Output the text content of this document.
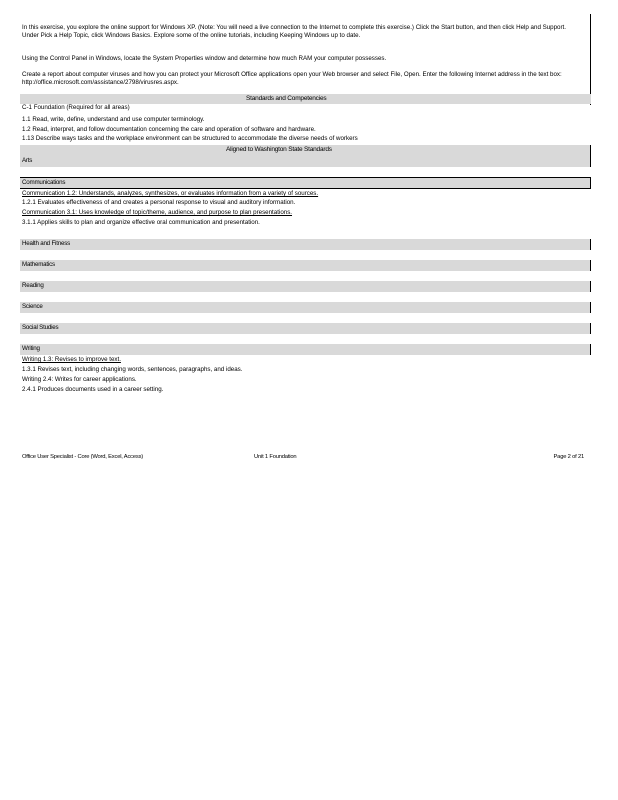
In this exercise, you explore the online support for Windows XP. (Note: You will need a live connection to the Internet to complete this exercise.) Click the Start button, and then click Help and Support. Under Pick a Help Topic, click Windows Basics. Explore some of the online tutorials, including Keeping Windows up to date.
Using the Control Panel in Windows, locate the System Properties window and determine how much RAM your computer possesses.
Create a report about computer viruses and how you can protect your Microsoft Office applications open your Web browser and select File, Open. Enter the following Internet address in the text box: http://office.microsoft.com/assistance/2798/virusres.aspx.
Standards and Competencies
C-1 Foundation (Required for all areas)
1.1 Read, write, define, understand and use computer terminology.
1.2 Read, interpret, and follow documentation concerning the care and operation of software and hardware.
1.13 Describe ways tasks and the workplace environment can be structured to accommodate the diverse needs of workers
Aligned to Washington State Standards
Arts
Communications
Communication 1.2: Understands, analyzes, synthesizes, or evaluates information from a variety of sources.
1.2.1 Evaluates effectiveness of and creates a personal response to visual and auditory information.
Communication 3.1: Uses knowledge of topic/theme, audience, and purpose to plan presentations.
3.1.1 Applies skills to plan and organize effective oral communication and presentation.
Health and Fitness
Mathematics
Reading
Science
Social Studies
Writing
Writing 1.3: Revises to improve text.
1.3.1 Revises text, including changing words, sentences, paragraphs, and ideas.
Writing 2.4: Writes for career applications.
2.4.1 Produces documents used in a career setting.
Office User Specialist - Core (Word, Excel, Access)	Unit 1 Foundation	Page 2 of 21
